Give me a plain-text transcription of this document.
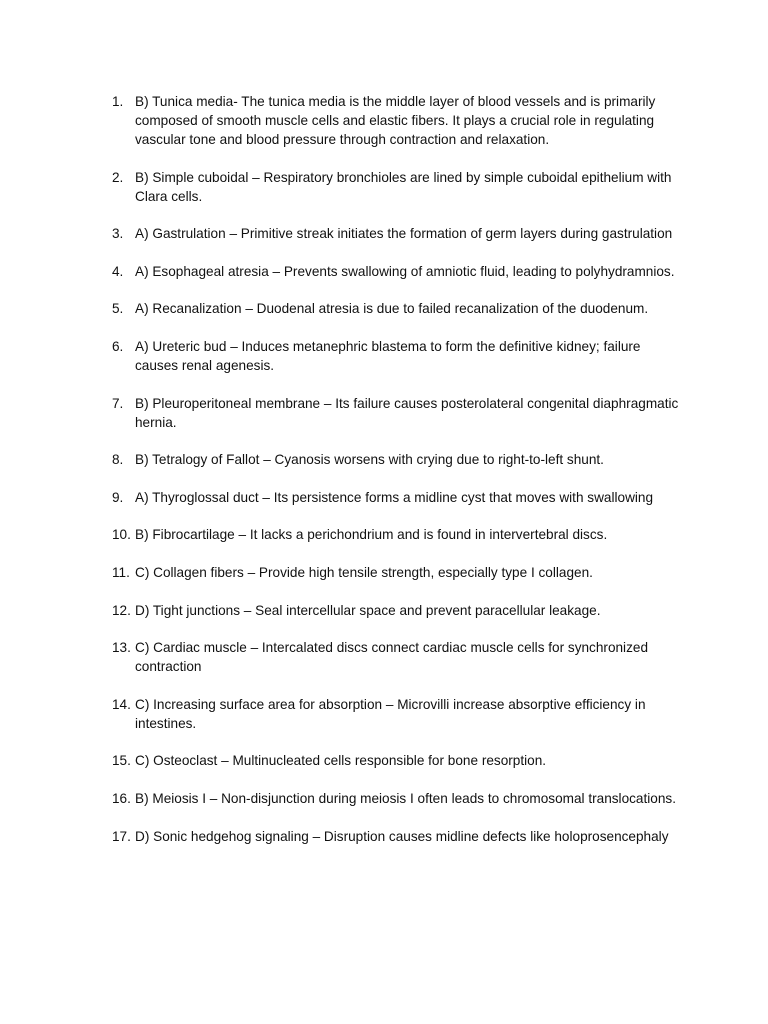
1. B) Tunica media- The tunica media is the middle layer of blood vessels and is primarily composed of smooth muscle cells and elastic fibers. It plays a crucial role in regulating vascular tone and blood pressure through contraction and relaxation.
2. B) Simple cuboidal – Respiratory bronchioles are lined by simple cuboidal epithelium with Clara cells.
3. A) Gastrulation – Primitive streak initiates the formation of germ layers during gastrulation
4. A) Esophageal atresia – Prevents swallowing of amniotic fluid, leading to polyhydramnios.
5. A) Recanalization – Duodenal atresia is due to failed recanalization of the duodenum.
6. A) Ureteric bud – Induces metanephric blastema to form the definitive kidney; failure causes renal agenesis.
7. B) Pleuroperitoneal membrane – Its failure causes posterolateral congenital diaphragmatic hernia.
8. B) Tetralogy of Fallot – Cyanosis worsens with crying due to right-to-left shunt.
9. A) Thyroglossal duct – Its persistence forms a midline cyst that moves with swallowing
10. B) Fibrocartilage – It lacks a perichondrium and is found in intervertebral discs.
11. C) Collagen fibers – Provide high tensile strength, especially type I collagen.
12. D) Tight junctions – Seal intercellular space and prevent paracellular leakage.
13. C) Cardiac muscle – Intercalated discs connect cardiac muscle cells for synchronized contraction
14. C) Increasing surface area for absorption – Microvilli increase absorptive efficiency in intestines.
15. C) Osteoclast – Multinucleated cells responsible for bone resorption.
16. B) Meiosis I – Non-disjunction during meiosis I often leads to chromosomal translocations.
17. D) Sonic hedgehog signaling – Disruption causes midline defects like holoprosencephaly
